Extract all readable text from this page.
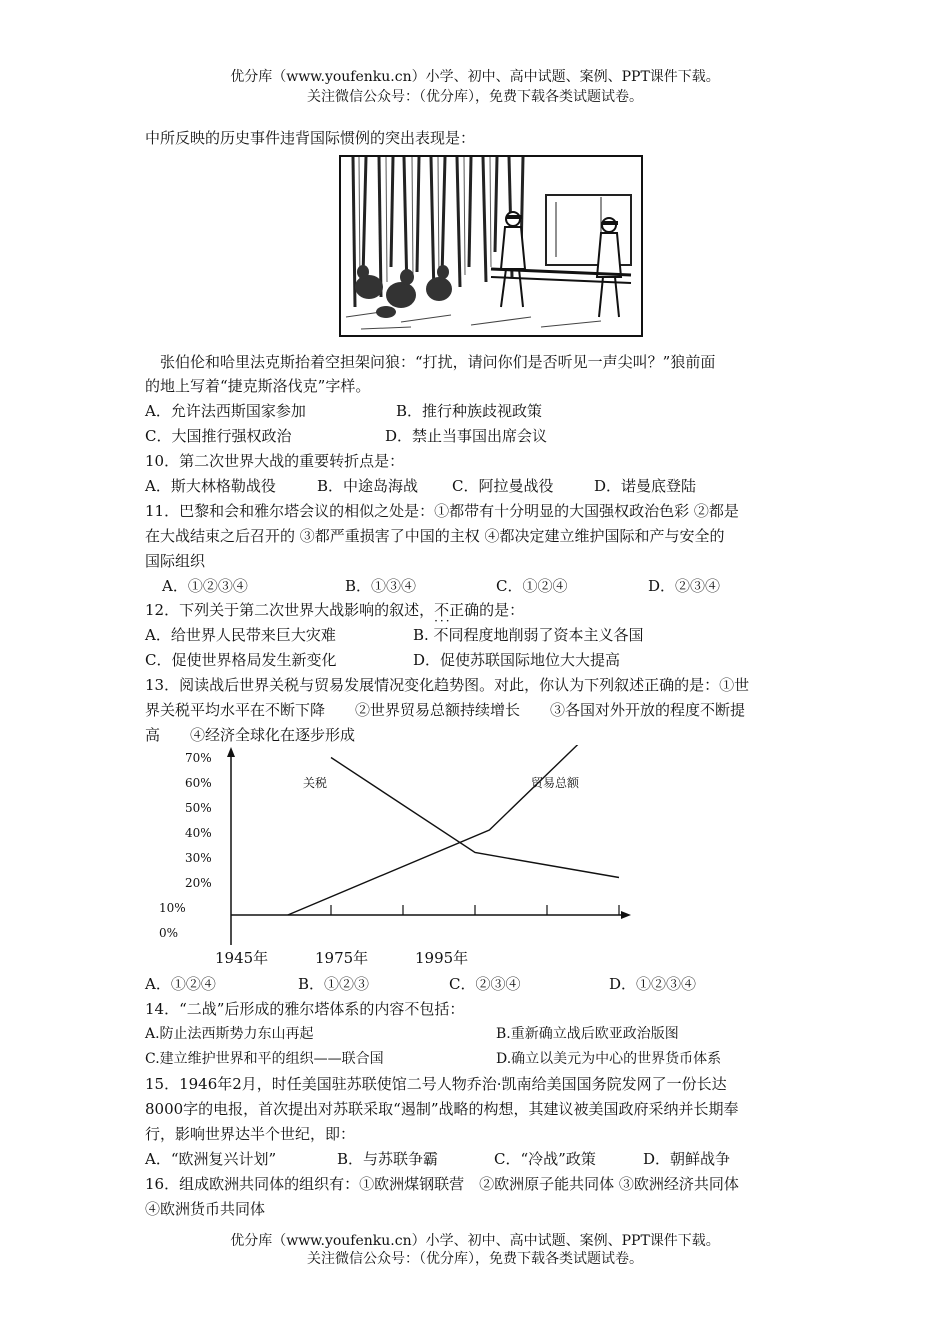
优分库（www.youfenku.cn）小学、初中、高中试题、案例、PPT课件下载。
关注微信公众号：（优分库），免费下载各类试题试卷。
中所反映的历史事件违背国际惯例的突出表现是：
　张伯伦和哈里法克斯抬着空担架问狼：“打扰，请问你们是否听见一声尖叫？”狼前面
的地上写着“捷克斯洛伐克”字样。
A．允许法西斯国家参加	B．推行种族歧视政策
C．大国推行强权政治	D．禁止当事国出席会议
10．第二次世界大战的重要转折点是：
A．斯大林格勒战役	B．中途岛海战 C．阿拉曼战役	D．诺曼底登陆
11．巴黎和会和雅尔塔会议的相似之处是：①都带有十分明显的大国强权政治色彩 ②都是
在大战结束之后召开的 ③都严重损害了中国的主权 ④都决定建立维护国际和产与安全的
国际组织
A．①②③④	B．①③④	C．①②④	D．②③④
12．下列关于第二次世界大战影响的叙述，不正确 ···的是：
A．给世界人民带来巨大灾难	B. 不同程度地削弱了资本主义各国
C．促使世界格局发生新变化	D．促使苏联国际地位大大提高
13．阅读战后世界关税与贸易发展情况变化趋势图。对此，你认为下列叙述正确的是：①世
界关税平均水平在不断下降　　②世界贸易总额持续增长　　③各国对外开放的程度不断提
高　　④经济全球化在逐步形成
70%
60%
50%
40%
30%
20%
10%
0%
关税	贸易总额
1945年	1975年	1995年
A．①②④	B．①②③	C．②③④	D．①②③④
14．“二战”后形成的雅尔塔体系的内容不包括：
A.防止法西斯势力东山再起	B.重新确立战后欧亚政治版图
C.建立维护世界和平的组织——联合国	D.确立以美元为中心的世界货币体系
15．1946年2月，时任美国驻苏联使馆二号人物乔治·凯南给美国国务院发网了一份长达
8000字的电报，首次提出对苏联采取“遏制”战略的构想，其建议被美国政府采纳并长期奉
行，影响世界达半个世纪，即：
A．“欧洲复兴计划”	B．与苏联争霸	C．“冷战”政策	D．朝鲜战争
16．组成欧洲共同体的组织有：①欧洲煤钢联营　②欧洲原子能共同体 ③欧洲经济共同体
④欧洲货币共同体
优分库（www.youfenku.cn）小学、初中、高中试题、案例、PPT课件下载。
关注微信公众号：（优分库），免费下载各类试题试卷。
